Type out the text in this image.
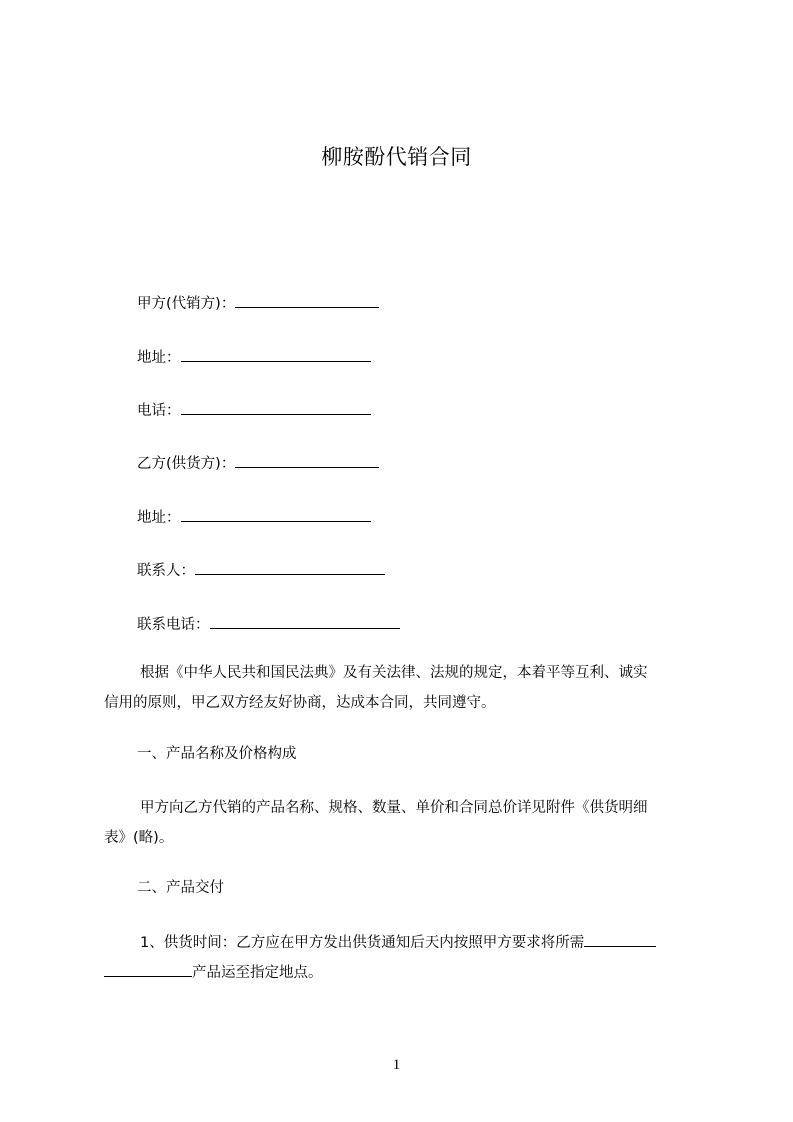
柳胺酚代销合同
甲方(代销方)：
地址：
电话：
乙方(供货方)：
地址：
联系人：
联系电话：
根据《中华人民共和国民法典》及有关法律、法规的规定，本着平等互利、诚实
信用的原则，甲乙双方经友好协商，达成本合同，共同遵守。
一、产品名称及价格构成
甲方向乙方代销的产品名称、规格、数量、单价和合同总价详见附件《供货明细
表》(略)。
二、产品交付
1、供货时间：乙方应在甲方发出供货通知后天内按照甲方要求将所需
产品运至指定地点。
1
